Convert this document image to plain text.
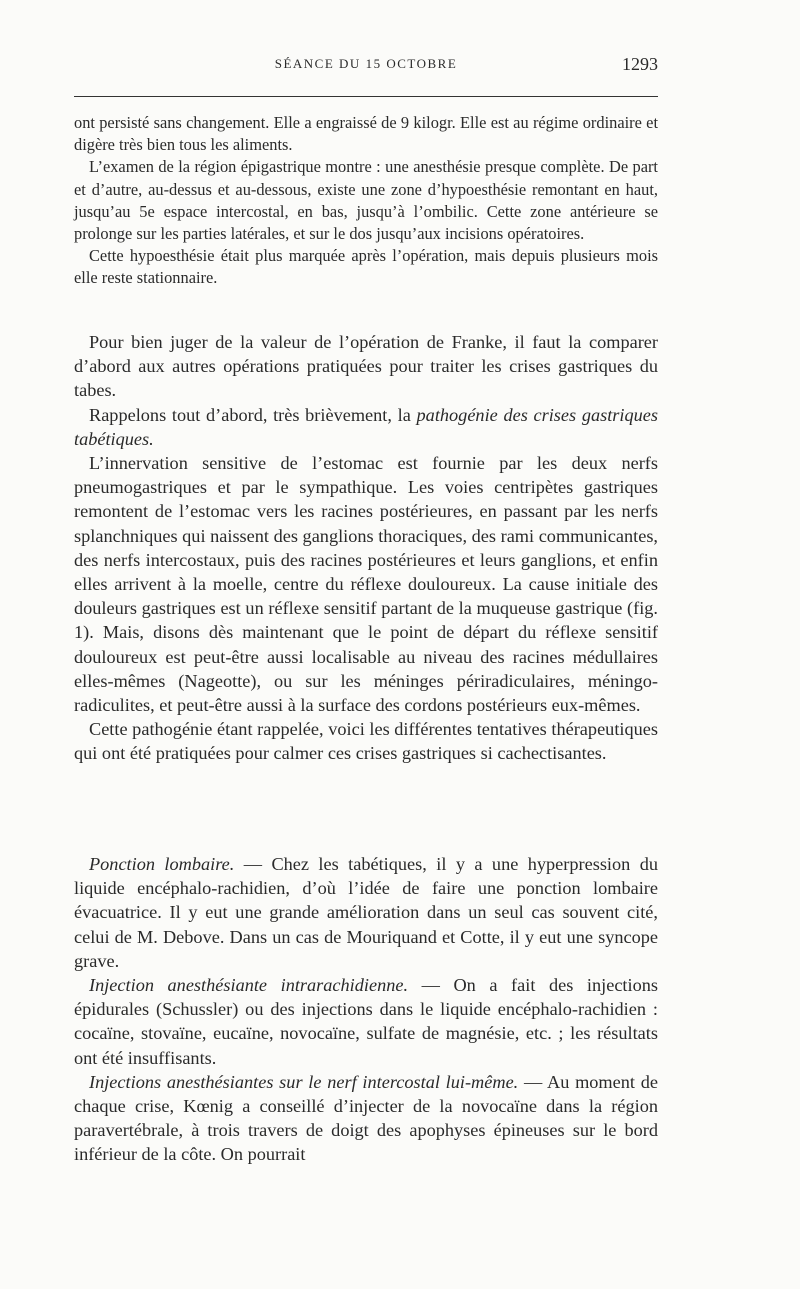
SÉANCE DU 15 OCTOBRE	1293

ont persisté sans changement. Elle a engraissé de 9 kilogr. Elle est au régime ordinaire et digère très bien tous les aliments.

L’examen de la région épigastrique montre : une anesthésie presque complète. De part et d’autre, au-dessus et au-dessous, existe une zone d’hypoesthésie remontant en haut, jusqu’au 5e espace intercostal, en bas, jusqu’à l’ombilic. Cette zone antérieure se prolonge sur les parties latérales, et sur le dos jusqu’aux incisions opératoires.

Cette hypoesthésie était plus marquée après l’opération, mais depuis plusieurs mois elle reste stationnaire.

Pour bien juger de la valeur de l’opération de Franke, il faut la comparer d’abord aux autres opérations pratiquées pour traiter les crises gastriques du tabes.

Rappelons tout d’abord, très brièvement, la pathogénie des crises gastriques tabétiques.

L’innervation sensitive de l’estomac est fournie par les deux nerfs pneumogastriques et par le sympathique. Les voies centripètes gastriques remontent de l’estomac vers les racines postérieures, en passant par les nerfs splanchniques qui naissent des ganglions thoraciques, des rami communicantes, des nerfs intercostaux, puis des racines postérieures et leurs ganglions, et enfin elles arrivent à la moelle, centre du réflexe douloureux. La cause initiale des douleurs gastriques est un réflexe sensitif partant de la muqueuse gastrique (fig. 1). Mais, disons dès maintenant que le point de départ du réflexe sensitif douloureux est peut-être aussi localisable au niveau des racines médullaires elles-mêmes (Nageotte), ou sur les méninges périradiculaires, méningo-radiculites, et peut-être aussi à la surface des cordons postérieurs eux-mêmes.

Cette pathogénie étant rappelée, voici les différentes tentatives thérapeutiques qui ont été pratiquées pour calmer ces crises gastriques si cachectisantes.

Ponction lombaire. — Chez les tabétiques, il y a une hyperpression du liquide encéphalo-rachidien, d’où l’idée de faire une ponction lombaire évacuatrice. Il y eut une grande amélioration dans un seul cas souvent cité, celui de M. Debove. Dans un cas de Mouriquand et Cotte, il y eut une syncope grave.

Injection anesthésiante intrarachidienne. — On a fait des injections épidurales (Schussler) ou des injections dans le liquide encéphalo-rachidien : cocaïne, stovaïne, eucaïne, novocaïne, sulfate de magnésie, etc. ; les résultats ont été insuffisants.

Injections anesthésiantes sur le nerf intercostal lui-même. — Au moment de chaque crise, Kœnig a conseillé d’injecter de la novocaïne dans la région paravertébrale, à trois travers de doigt des apophyses épineuses sur le bord inférieur de la côte. On pourrait
